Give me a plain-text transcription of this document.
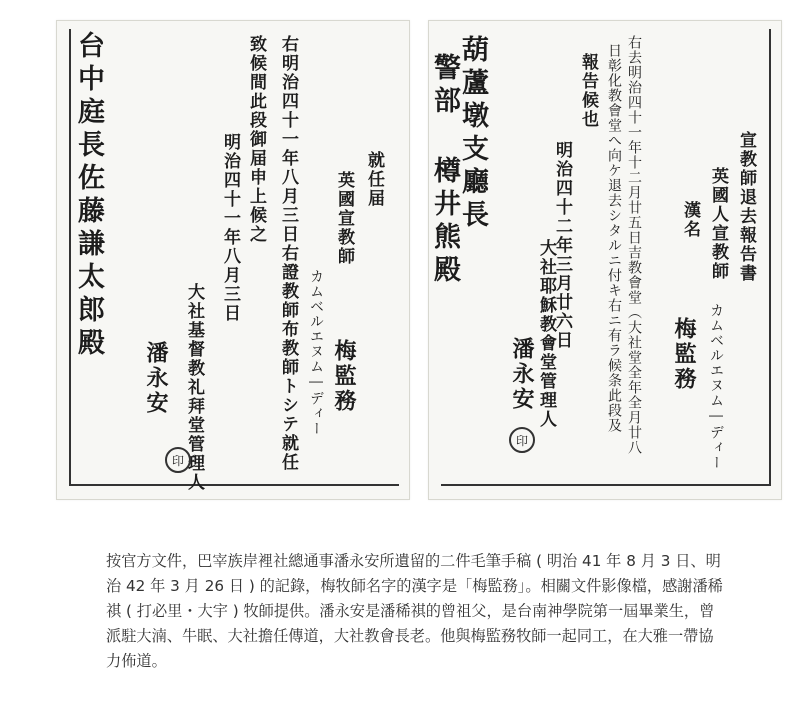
台中庭長佐藤謙太郎殿	右明治四十一年八月三日右證教師布教師トシテ就任
致候間此段御届申上候之
明治四十一年八月三日	就任届
英國宣教師
カムベルエヌム―ディー 梅監務
大社基督教礼拜堂管理人
潘永安
印
葫蘆墩支廳長
警部 樽井熊殿	右去明治四十一年十二月廿五日吉教會堂（大社堂全年全月廿八
日彰化教會堂へ向ケ退去シタルニ付キ右ニ有ラ候条此段及
報告候也
明治四十二年三月廿六日	宣教師退去報告書
英國人宣教師
漢名
カムベルエヌム―ディー
梅監務
大社耶穌教會堂管理人
潘永安
印

按官方文件，巴宰族岸裡社總通事潘永安所遺留的二件毛筆手稿 ( 明治 41 年 8 月 3 日、明治 42 年 3 月 26 日 ) 的記錄，梅牧師名字的漢字是「梅監務」。相關文件影像檔，感謝潘稀祺 ( 打必里・大宇 ) 牧師提供。潘永安是潘稀祺的曾祖父，是台南神學院第一屆畢業生，曾派駐大湳、牛眠、大社擔任傳道，大社教會長老。他與梅監務牧師一起同工，在大雅一帶協力佈道。
